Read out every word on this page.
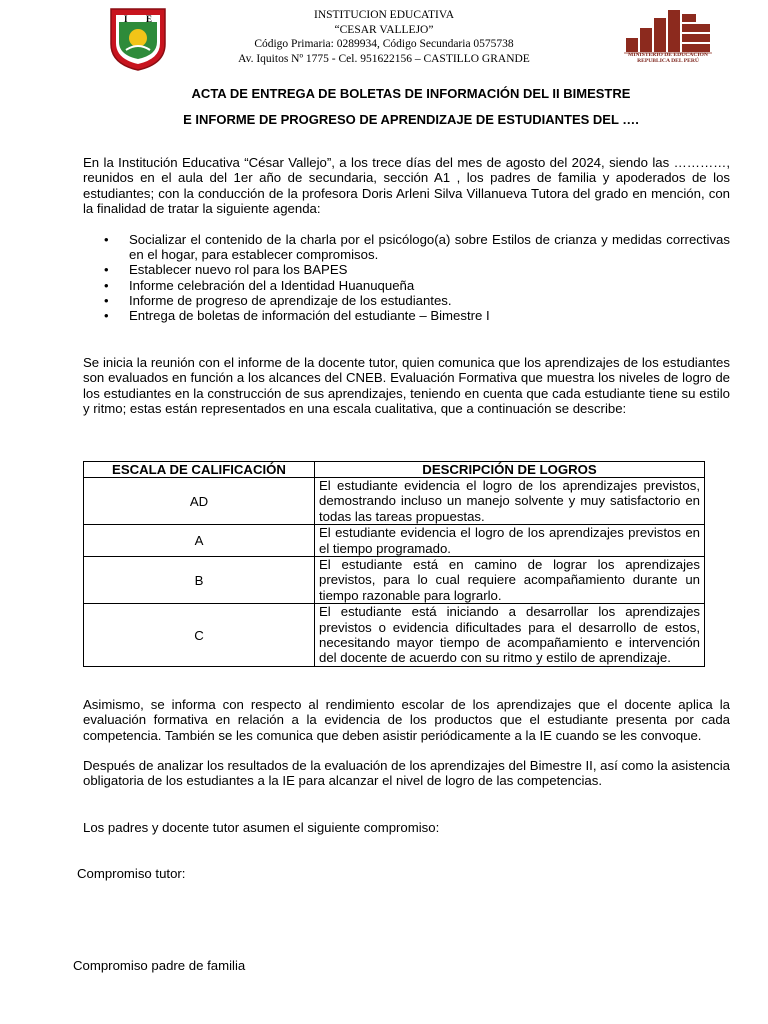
I E	INSTITUCION EDUCATIVA
“CESAR VALLEJO”
Código Primaria: 0289934, Código Secundaria 0575738
Av. Iquitos Nº 1775 - Cel. 951622156 – CASTILLO GRANDE	MINISTERIO DE EDUCACION
REPUBLICA DEL PERÚ
ACTA DE ENTREGA DE BOLETAS DE INFORMACIÓN DEL II BIMESTRE
E INFORME DE PROGRESO DE APRENDIZAJE DE ESTUDIANTES DEL ….
En la Institución Educativa “César Vallejo”, a los trece días del mes de agosto del 2024, siendo las …………, reunidos en el aula del 1er año de secundaria, sección A1 , los padres de familia y apoderados de los estudiantes; con la conducción de la profesora Doris Arleni Silva Villanueva Tutora del grado en mención, con la finalidad de tratar la siguiente agenda:
• Socializar el contenido de la charla por el psicólogo(a) sobre Estilos de crianza y medidas correctivas en el hogar, para establecer compromisos.
• Establecer nuevo rol para los BAPES
• Informe celebración del a Identidad Huanuqueña
• Informe de progreso de aprendizaje de los estudiantes.
• Entrega de boletas de información del estudiante – Bimestre I
Se inicia la reunión con el informe de la docente tutor, quien comunica que los aprendizajes de los estudiantes son evaluados en función a los alcances del CNEB. Evaluación Formativa que muestra los niveles de logro de los estudiantes en la construcción de sus aprendizajes, teniendo en cuenta que cada estudiante tiene su estilo y ritmo; estas están representados en una escala cualitativa, que a continuación se describe:
ESCALA DE CALIFICACIÓN	DESCRIPCIÓN DE LOGROS
AD	El estudiante evidencia el logro de los aprendizajes previstos, demostrando incluso un manejo solvente y muy satisfactorio en todas las tareas propuestas.
A	El estudiante evidencia el logro de los aprendizajes previstos en el tiempo programado.
B	El estudiante está en camino de lograr los aprendizajes previstos, para lo cual requiere acompañamiento durante un tiempo razonable para lograrlo.
C	El estudiante está iniciando a desarrollar los aprendizajes previstos o evidencia dificultades para el desarrollo de estos, necesitando mayor tiempo de acompañamiento e intervención del docente de acuerdo con su ritmo y estilo de aprendizaje.
Asimismo, se informa con respecto al rendimiento escolar de los aprendizajes que el docente aplica la evaluación formativa en relación a la evidencia de los productos que el estudiante presenta por cada competencia. También se les comunica que deben asistir periódicamente a la IE cuando se les convoque.
Después de analizar los resultados de la evaluación de los aprendizajes del Bimestre II, así como la asistencia obligatoria de los estudiantes a la IE para alcanzar el nivel de logro de las competencias.
Los padres y docente tutor asumen el siguiente compromiso:
Compromiso tutor:
Compromiso padre de familia
